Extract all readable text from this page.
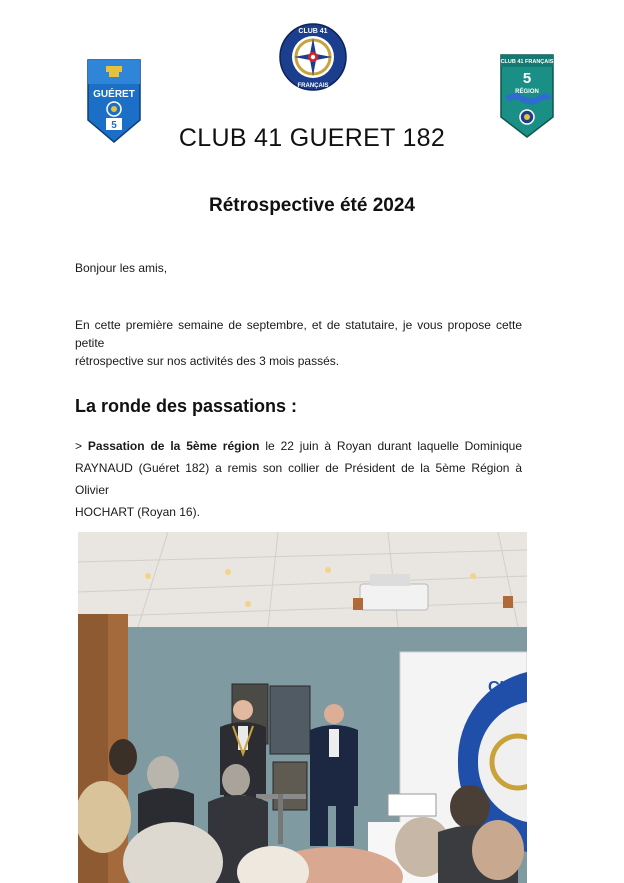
GUÉRET
5
CLUB 41
FRANÇAIS
CLUB 41 FRANÇAIS
5
RÉGION
CLUB 41 GUERET 182
Rétrospective été 2024
Bonjour les amis,

En cette première semaine de septembre, et de statutaire, je vous propose cette petite

rétrospective sur nos activités des 3 mois passés.

La ronde des passations :

> Passation de la 5ème région le 22 juin à Royan durant laquelle Dominique

RAYNAUD (Guéret 182) a remis son collier de Président de la 5ème Région à Olivier

HOCHART (Royan 16).

CL
